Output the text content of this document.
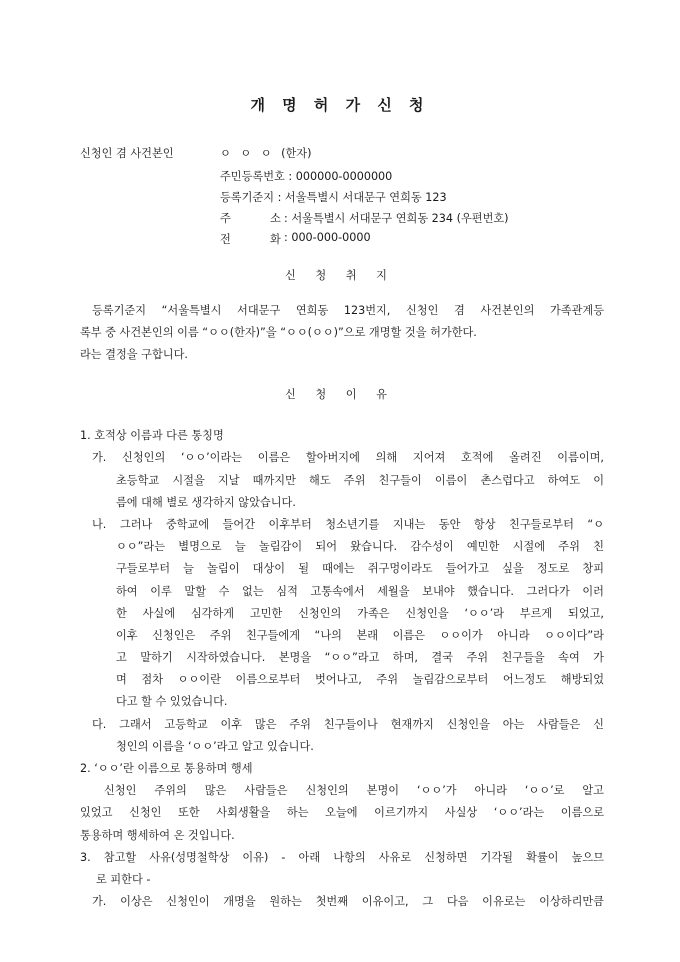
개 명 허 가 신 청
신청인 겸 사건본인	ㅇ ㅇ ㅇ (한자)
주민등록번호 : 000000-0000000
등록기준지 : 서울특별시 서대문구 연희동 123
주	소 : 서울특별시 서대문구 연희동 234 (우편번호)
전	화 : 000-000-0000
신 청 취 지
등록기준지 “서울특별시 서대문구 연희동 123번지, 신청인 겸 사건본인의 가족관계등
록부 중 사건본인의 이름 “ㅇㅇ(한자)”을 “ㅇㅇ(ㅇㅇ)”으로 개명할 것을 허가한다.
라는 결정을 구합니다.
신 청 이 유
1. 호적상 이름과 다른 통칭명
가. 신청인의 ‘ㅇㅇ’이라는 이름은 할아버지에 의해 지어져 호적에 올려진 이름이며,
초등학교 시절을 지날 때까지만 해도 주위 친구들이 이름이 촌스럽다고 하여도 이
름에 대해 별로 생각하지 않았습니다.
나. 그러나 중학교에 들어간 이후부터 청소년기를 지내는 동안 항상 친구들로부터 “ㅇ
ㅇㅇ”라는 별명으로 늘 놀림감이 되어 왔습니다. 감수성이 예민한 시절에 주위 친
구들로부터 늘 놀림이 대상이 될 때에는 쥐구멍이라도 들어가고 싶을 정도로 창피
하여 이루 말할 수 없는 심적 고통속에서 세월을 보내야 했습니다. 그러다가 이러
한 사실에 심각하게 고민한 신청인의 가족은 신청인을 ‘ㅇㅇ’라 부르게 되었고,
이후 신청인은 주위 친구들에게 “나의 본래 이름은 ㅇㅇ이가 아니라 ㅇㅇ이다”라
고 말하기 시작하였습니다. 본명을 “ㅇㅇ”라고 하며, 결국 주위 친구들을 속여 가
며 점차 ㅇㅇ이란 이름으로부터 벗어나고, 주위 놀림감으로부터 어느정도 해방되었
다고 할 수 있었습니다.
다. 그래서 고등학교 이후 많은 주위 친구들이나 현재까지 신청인을 아는 사람들은 신
청인의 이름을 ‘ㅇㅇ’라고 알고 있습니다.
2. ‘ㅇㅇ’란 이름으로 통용하며 행세
신청인 주위의 많은 사람들은 신청인의 본명이 ‘ㅇㅇ’가 아니라 ‘ㅇㅇ’로 알고
있었고 신청인 또한 사회생활을 하는 오늘에 이르기까지 사실상 ‘ㅇㅇ’라는 이름으로
통용하며 행세하여 온 것입니다.
3. 참고할 사유(성명철학상 이유) - 아래 나항의 사유로 신청하면 기각될 확률이 높으므
로 피한다 -
가. 이상은 신청인이 개명을 원하는 첫번째 이유이고, 그 다음 이유로는 이상하리만큼
